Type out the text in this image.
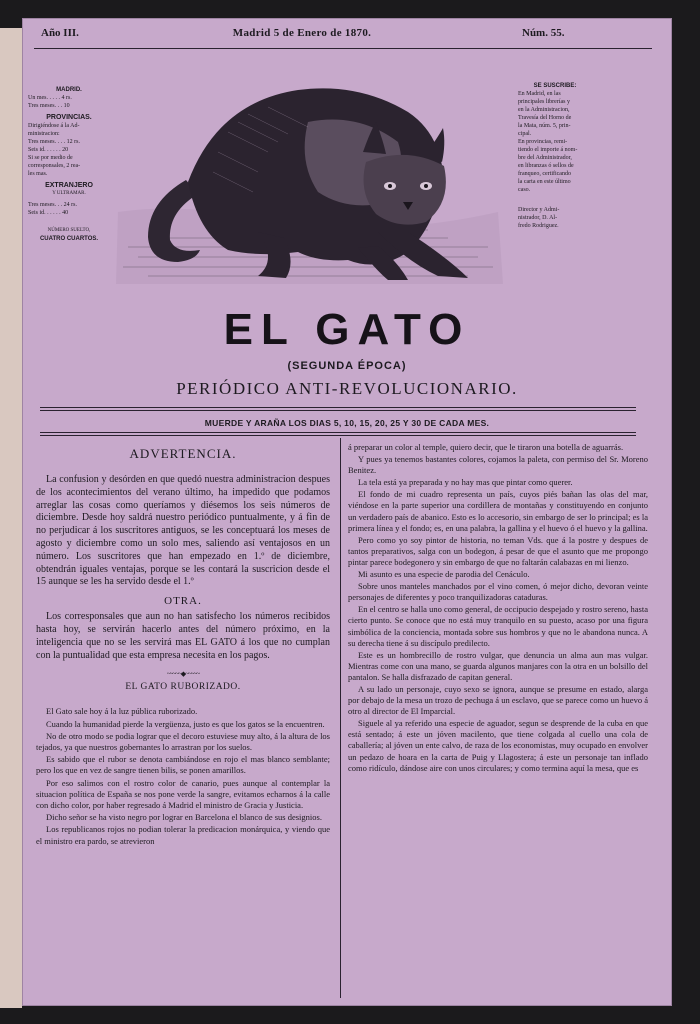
Año III.	Madrid 5 de Enero de 1870.	Núm. 55.
MADRID.
Un mes. . . . . 4 rs.
Tres meses. . . 10
PROVINCIAS.
Dirigiéndose á la Ad-
ministracion:
Tres meses. . . . 12 rs.
Seis id. . . . . . 20
Si se por medio de
corresponsales, 2 rea-
les mas.
EXTRANJERO
Y ULTRAMAR.
Tres meses. . . 24 rs.
Seis id. . . . . . 40
NÚMERO SUELTO,
CUATRO CUARTOS.
SE SUSCRIBE:
En Madrid, en las
principales librerías y
en la Administracion,
Travesía del Horno de
la Mata, núm. 5, prin-
cipal.
En provincias, remi-
tiendo el importe á nom-
bre del Administrador,
en libranzas ó sellos de
franqueo, certificando
la carta en este último
caso.
Director y Admi-
nistrador, D. Al-
fredo Rodriguez.
EL GATO
(SEGUNDA ÉPOCA)
PERIÓDICO ANTI-REVOLUCIONARIO.
MUERDE Y ARAÑA LOS DIAS 5, 10, 15, 20, 25 Y 30 DE CADA MES.
ADVERTENCIA.

La confusion y desórden en que quedó nuestra administracion despues de los acontecimientos del verano último, ha impedido que podamos arreglar las cosas como queríamos y diésemos los seis números de diciembre. Desde hoy saldrá nuestro periódico puntualmente, y á fin de no perjudicar á los suscritores antiguos, se les conceptuará los meses de agosto y diciembre como un solo mes, saliendo así ventajosos en un número. Los suscritores que han empezado en 1.º de diciembre, obtendrán iguales ventajas, porque se les contará la suscricion desde el 15 aunque se les ha servido desde el 1.º

OTRA.

Los corresponsales que aun no han satisfecho los números recibidos hasta hoy, se servirán hacerlo antes del número próximo, en la inteligencia que no se les servirá mas EL GATO á los que no cumplan con la puntualidad que esta empresa necesita en los pagos.

~~~~~◆~~~~~
EL GATO RUBORIZADO.

El Gato sale hoy á la luz pública ruborizado.

Cuando la humanidad pierde la vergüenza, justo es que los gatos se la encuentren.

No de otro modo se podia lograr que el decoro estuviese muy alto, á la altura de los tejados, ya que nuestros gobernantes lo arrastran por los suelos.

Es sabido que el rubor se denota cambiándose en rojo el mas blanco semblante; pero los que en vez de sangre tienen bilis, se ponen amarillos.

Por eso salimos con el rostro color de canario, pues aunque al contemplar la situacion política de España se nos pone verde la sangre, evitamos echarnos á la calle con dicho color, por haber regresado á Madrid el ministro de Gracia y Justicia.

Dicho señor se ha visto negro por lograr en Barcelona el blanco de sus designios.

Los republicanos rojos no podian tolerar la predicacion monárquica, y viendo que el ministro era pardo, se atrevieron

á preparar un color al temple, quiero decir, que le tiraron una botella de aguarrás.

Y pues ya tenemos bastantes colores, cojamos la paleta, con permiso del Sr. Moreno Benitez.

La tela está ya preparada y no hay mas que pintar como querer.

El fondo de mi cuadro representa un país, cuyos piés bañan las olas del mar, viéndose en la parte superior una cordillera de montañas y constituyendo en conjunto un verdadero país de abanico. Esto es lo accesorio, sin embargo de ser lo principal; es la primera línea y el fondo; es, en una palabra, la gallina y el huevo ó el huevo y la gallina.

Pero como yo soy pintor de historia, no teman Vds. que á la postre y despues de tantos preparativos, salga con un bodegon, á pesar de que el asunto que me propongo pintar parece bodegonero y sin embargo de que no faltarán calabazas en mi lienzo.

Mi asunto es una especie de parodia del Cenáculo.

Sobre unos manteles manchados por el vino comen, ó mejor dicho, devoran veinte personajes de diferentes y poco tranquilizadoras cataduras.

En el centro se halla uno como general, de occipucio despejado y rostro sereno, hasta cierto punto. Se conoce que no está muy tranquilo en su puesto, acaso por una figura simbólica de la conciencia, montada sobre sus hombros y que no le abandona nunca. A su derecha tiene á su discípulo predilecto.

Este es un hombrecillo de rostro vulgar, que denuncia un alma aun mas vulgar. Mientras come con una mano, se guarda algunos manjares con la otra en un bolsillo del pantalon. Se halla disfrazado de capitan general.

A su lado un personaje, cuyo sexo se ignora, aunque se presume en estado, alarga por debajo de la mesa un trozo de pechuga á un esclavo, que se parece como un huevo á otro al director de El Imparcial.

Siguele al ya referido una especie de aguador, segun se desprende de la cuba en que está sentado; á este un jóven macilento, que tiene colgada al cuello una cola de caballería; al jóven un ente calvo, de raza de los economistas, muy ocupado en envolver un pedazo de hoara en la carta de Puig y Llagostera; á este un personaje tan inflado como ridículo, dándose aire con unos circulares; y como termina aquí la mesa, que es
